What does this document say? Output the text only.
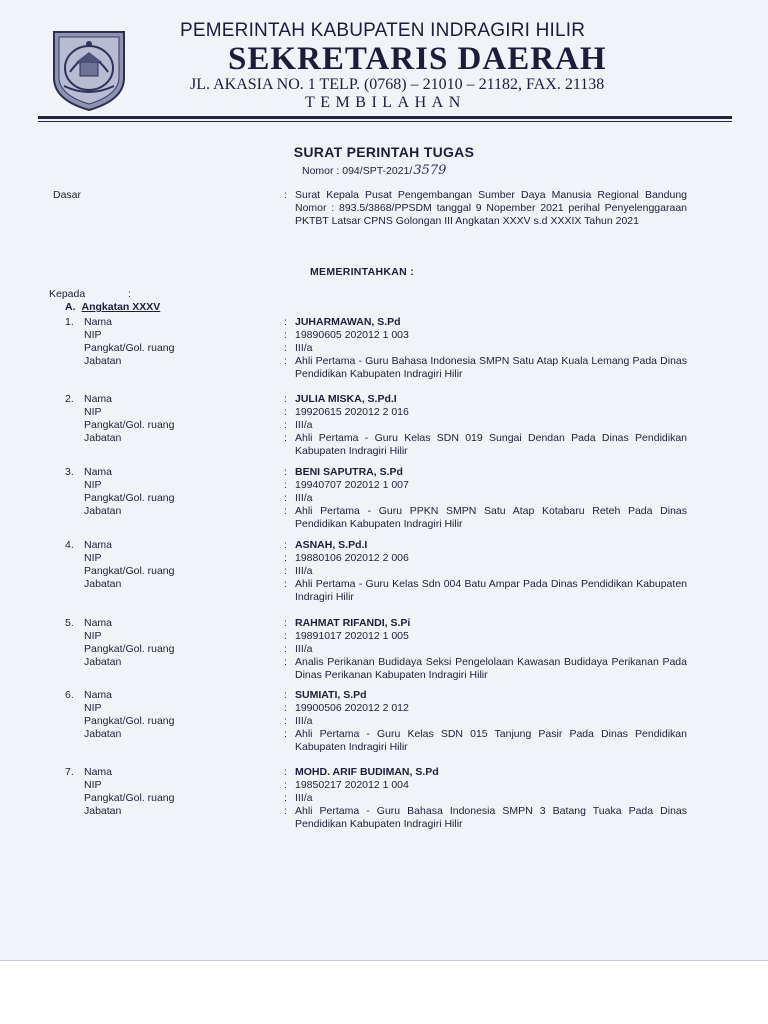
PEMERINTAH KABUPATEN INDRAGIRI HILIR
SEKRETARIS DAERAH
JL. AKASIA NO. 1 TELP. (0768) – 21010 – 21182, FAX. 21138
TEMBILAHAN
SURAT PERINTAH TUGAS
Nomor : 094/SPT-2021/3579
Dasar	: Surat Kepala Pusat Pengembangan Sumber Daya Manusia Regional Bandung Nomor : 893.5/3868/PPSDM tanggal 9 Nopember 2021 perihal Penyelenggaraan PKTBT Latsar CPNS Golongan III Angkatan XXXV s.d XXXIX Tahun 2021
MEMERINTAHKAN :
Kepada	:
A. Angkatan XXXV
1. Nama
NIP
Pangkat/Gol. ruang
Jabatan
:
:
:
:
JUHARMAWAN, S.Pd
19890605 202012 1 003
III/a
Ahli Pertama - Guru Bahasa Indonesia SMPN Satu Atap Kuala Lemang Pada Dinas Pendidikan Kabupaten Indragiri Hilir
2. Nama
NIP
Pangkat/Gol. ruang
Jabatan
:
:
:
:
JULIA MISKA, S.Pd.I
19920615 202012 2 016
III/a
Ahli Pertama - Guru Kelas SDN 019 Sungai Dendan Pada Dinas Pendidikan Kabupaten Indragiri Hilir
3. Nama
NIP
Pangkat/Gol. ruang
Jabatan
:
:
:
:
BENI SAPUTRA, S.Pd
19940707 202012 1 007
III/a
Ahli Pertama - Guru PPKN SMPN Satu Atap Kotabaru Reteh Pada Dinas Pendidikan Kabupaten Indragiri Hilir
4. Nama
NIP
Pangkat/Gol. ruang
Jabatan
:
:
:
:
ASNAH, S.Pd.I
19880106 202012 2 006
III/a
Ahli Pertama - Guru Kelas Sdn 004 Batu Ampar Pada Dinas Pendidikan Kabupaten Indragiri Hilir
5. Nama
NIP
Pangkat/Gol. ruang
Jabatan
:
:
:
:
RAHMAT RIFANDI, S.Pi
19891017 202012 1 005
III/a
Analis Perikanan Budidaya Seksi Pengelolaan Kawasan Budidaya Perikanan Pada Dinas Perikanan Kabupaten Indragiri Hilir
6. Nama
NIP
Pangkat/Gol. ruang
Jabatan
:
:
:
:
SUMIATI, S.Pd
19900506 202012 2 012
III/a
Ahli Pertama - Guru Kelas SDN 015 Tanjung Pasir Pada Dinas Pendidikan Kabupaten Indragiri Hilir
7. Nama
NIP
Pangkat/Gol. ruang
Jabatan
:
:
:
:
MOHD. ARIF BUDIMAN, S.Pd
19850217 202012 1 004
III/a
Ahli Pertama - Guru Bahasa Indonesia SMPN 3 Batang Tuaka Pada Dinas Pendidikan Kabupaten Indragiri Hilir
